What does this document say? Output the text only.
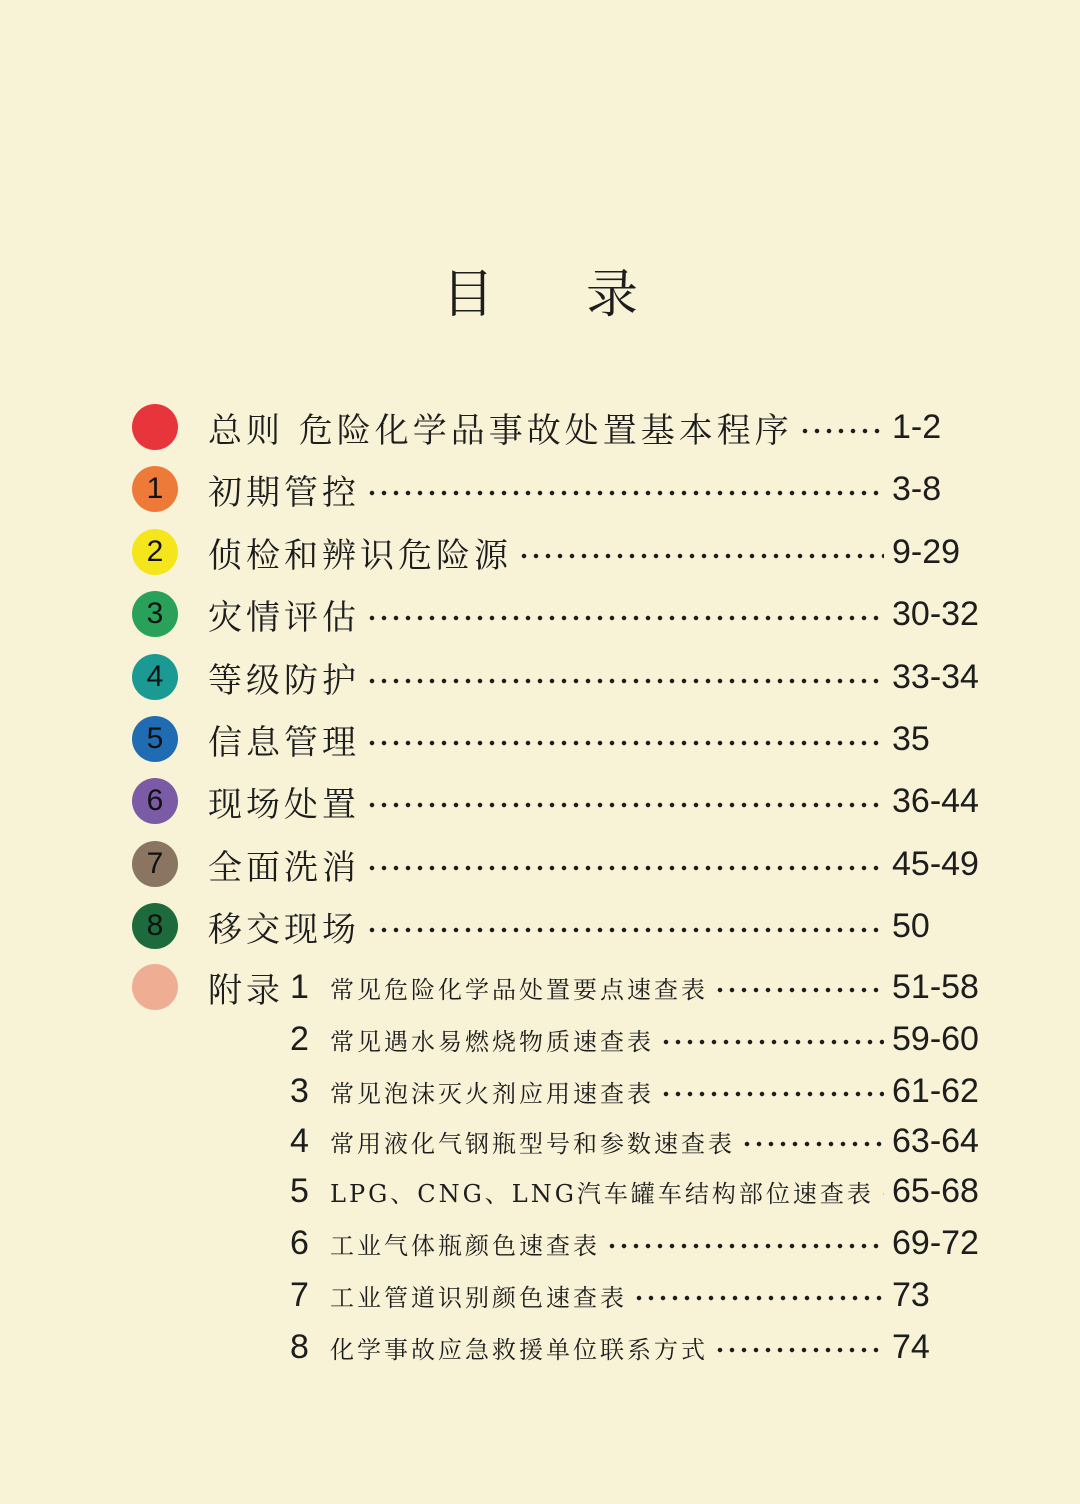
目 录
总则 危险化学品事故处置基本程序	1-2
1	初期管控	3-8
2	侦检和辨识危险源	9-29
3	灾情评估	30-32
4	等级防护	33-34
5	信息管理	35
6	现场处置	36-44
7	全面洗消	45-49
8	移交现场	50
附录 1 常见危险化学品处置要点速查表	51-58
2 常见遇水易燃烧物质速查表	59-60
3 常见泡沫灭火剂应用速查表	61-62
4 常用液化气钢瓶型号和参数速查表	63-64
5 LPG、CNG、LNG汽车罐车结构部位速查表 65-68
6 工业气体瓶颜色速查表	69-72
7 工业管道识别颜色速查表	73
8 化学事故应急救援单位联系方式	74
